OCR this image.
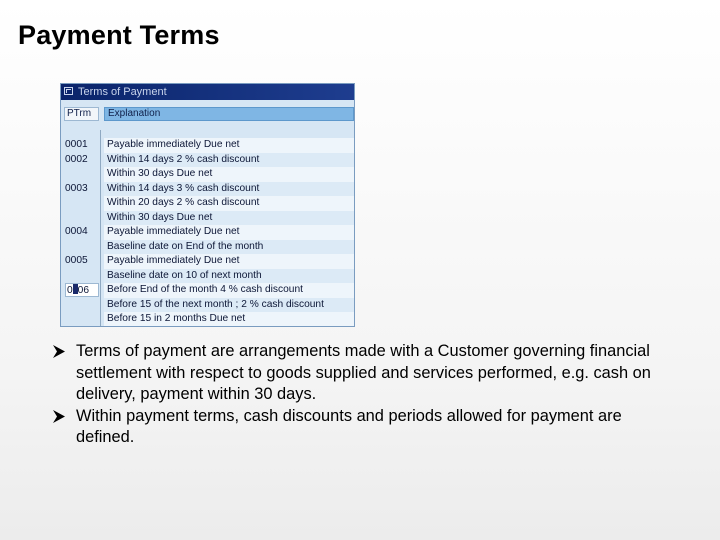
Payment Terms
Terms of Payment
PTrm	Explanation
0001	Payable immediately Due net
0002	Within 14 days 2 % cash discount
Within 30 days Due net
0003	Within 14 days 3 % cash discount
Within 20 days 2 % cash discount
Within 30 days Due net
0004	Payable immediately Due net
Baseline date on End of the month
0005	Payable immediately Due net
Baseline date on 10 of next month
0 06	Before End of the month 4 % cash discount
Before 15 of the next month ; 2 % cash discount
Before 15 in 2 months Due net
Terms of payment are arrangements made with a Customer governing financial settlement with respect to goods supplied and services performed, e.g. cash on delivery, payment within 30 days.
Within payment terms, cash discounts and periods allowed for payment are defined.
